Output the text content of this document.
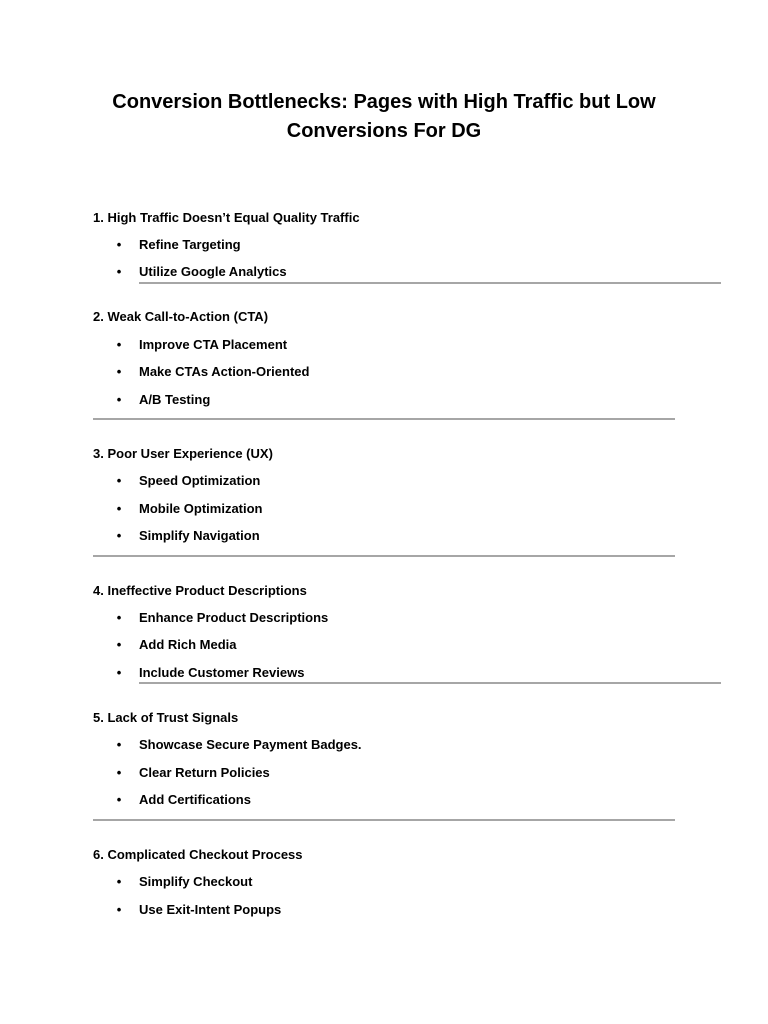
Conversion Bottlenecks: Pages with High Traffic but Low Conversions For DG
1. High Traffic Doesn’t Equal Quality Traffic
• Refine Targeting
• Utilize Google Analytics
2. Weak Call-to-Action (CTA)
• Improve CTA Placement
• Make CTAs Action-Oriented
• A/B Testing
3. Poor User Experience (UX)
• Speed Optimization
• Mobile Optimization
• Simplify Navigation
4. Ineffective Product Descriptions
• Enhance Product Descriptions
• Add Rich Media
• Include Customer Reviews
5. Lack of Trust Signals
• Showcase Secure Payment Badges.
• Clear Return Policies
• Add Certifications
6. Complicated Checkout Process
• Simplify Checkout
• Use Exit-Intent Popups
